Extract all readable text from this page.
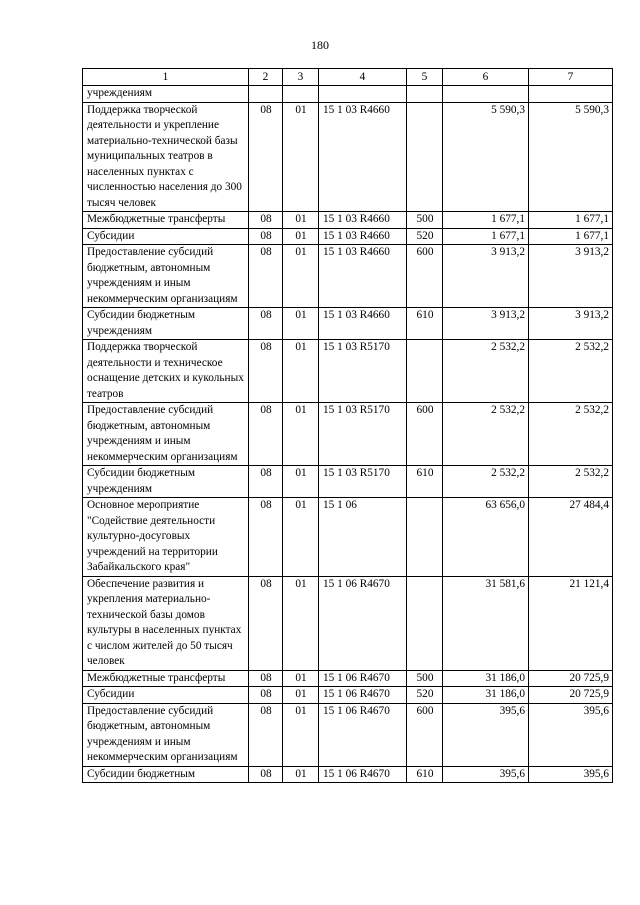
180
1	2	3	4	5	6	7
учреждениям						
Поддержка творческой деятельности и укрепление материально-технической базы муниципальных театров в населенных пунктах с численностью населения до 300 тысяч человек	08	01	15 1 03 R4660		5 590,3	5 590,3
Межбюджетные трансферты	08	01	15 1 03 R4660	500	1 677,1	1 677,1
Субсидии	08	01	15 1 03 R4660	520	1 677,1	1 677,1
Предоставление субсидий бюджетным, автономным учреждениям и иным некоммерческим организациям	08	01	15 1 03 R4660	600	3 913,2	3 913,2
Субсидии бюджетным учреждениям	08	01	15 1 03 R4660	610	3 913,2	3 913,2
Поддержка творческой деятельности и техническое оснащение детских и кукольных театров	08	01	15 1 03 R5170		2 532,2	2 532,2
Предоставление субсидий бюджетным, автономным учреждениям и иным некоммерческим организациям	08	01	15 1 03 R5170	600	2 532,2	2 532,2
Субсидии бюджетным учреждениям	08	01	15 1 03 R5170	610	2 532,2	2 532,2
Основное мероприятие "Содействие деятельности культурно-досуговых учреждений на территории Забайкальского края"	08	01	15 1 06		63 656,0	27 484,4
Обеспечение развития и укрепления материально-технической базы домов культуры в населенных пунктах с числом жителей до 50 тысяч человек	08	01	15 1 06 R4670		31 581,6	21 121,4
Межбюджетные трансферты	08	01	15 1 06 R4670	500	31 186,0	20 725,9
Субсидии	08	01	15 1 06 R4670	520	31 186,0	20 725,9
Предоставление субсидий бюджетным, автономным учреждениям и иным некоммерческим организациям	08	01	15 1 06 R4670	600	395,6	395,6
Субсидии бюджетным	08	01	15 1 06 R4670	610	395,6	395,6
